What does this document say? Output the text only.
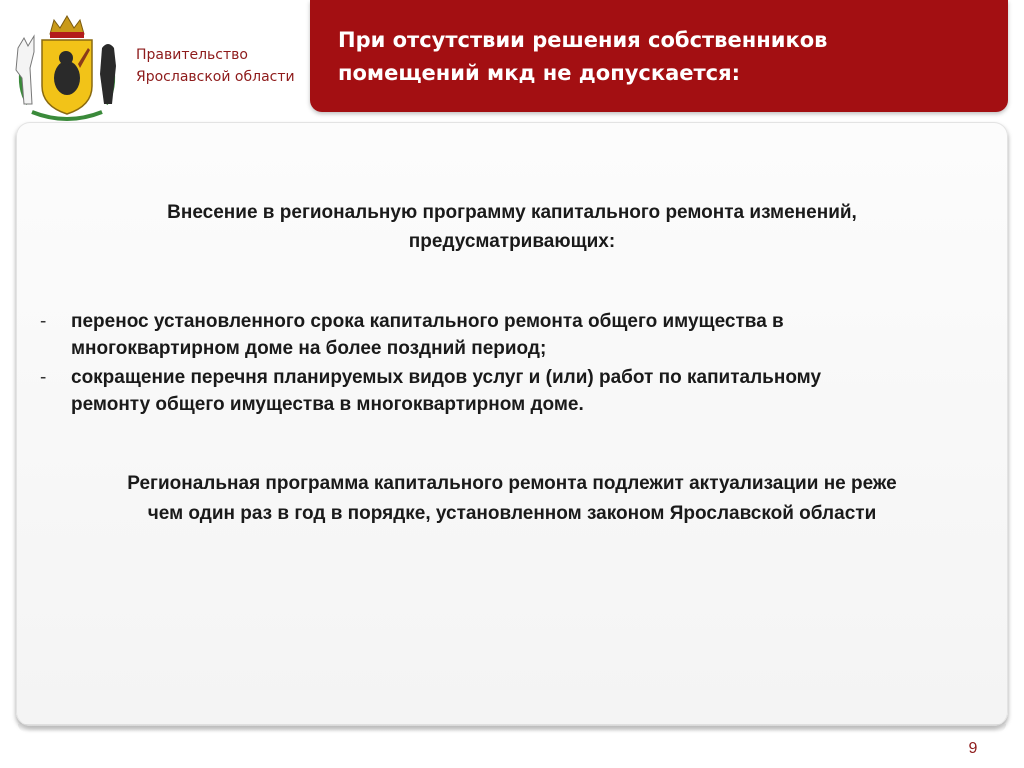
Правительство
Ярославской области
При отсутствии решения собственников
помещений мкд не допускается:
Внесение в региональную программу капитального ремонта изменений,
предусматривающих:
- перенос установленного срока капитального ремонта общего имущества в
многоквартирном доме на более поздний период;
- сокращение перечня планируемых видов услуг и (или) работ по капитальному
ремонту общего имущества в многоквартирном доме.
Региональная программа капитального ремонта подлежит актуализации не реже
чем один раз в год в порядке, установленном законом Ярославской области
9
